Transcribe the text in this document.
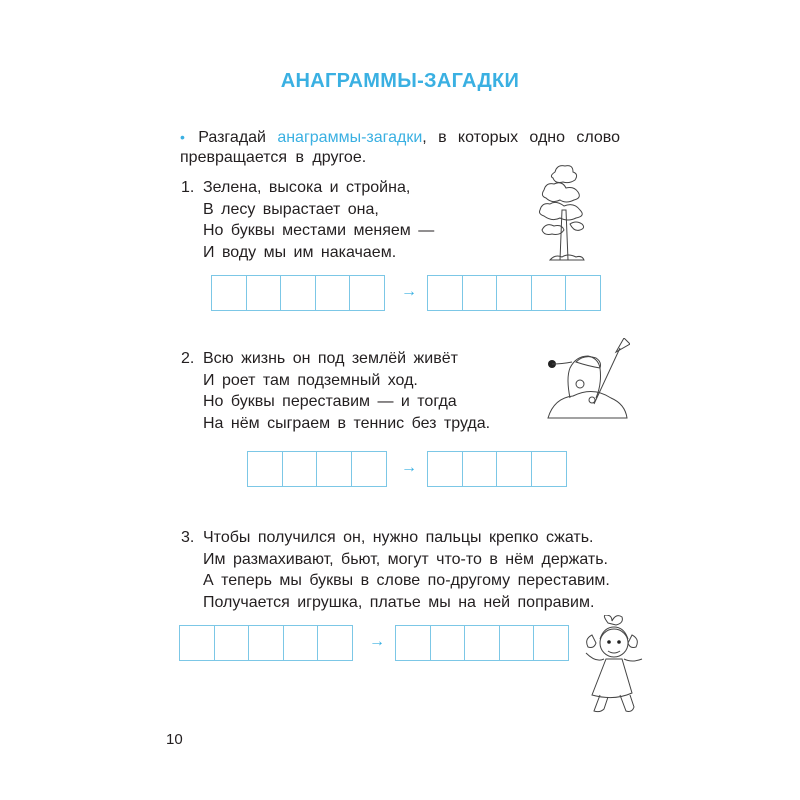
АНАГРАММЫ-ЗАГАДКИ
• Разгадай анаграммы-загадки, в которых одно слово превращается в другое.
1. Зелена, высока и стройна,
В лесу вырастает она,
Но буквы местами меняем —
И воду мы им накачаем.
→
2. Всю жизнь он под землёй живёт
И роет там подземный ход.
Но буквы переставим — и тогда
На нём сыграем в теннис без труда.
→
3. Чтобы получился он, нужно пальцы крепко сжать.
Им размахивают, бьют, могут что-то в нём держать.
А теперь мы буквы в слове по-другому переставим.
Получается игрушка, платье мы на ней поправим.
→
10
